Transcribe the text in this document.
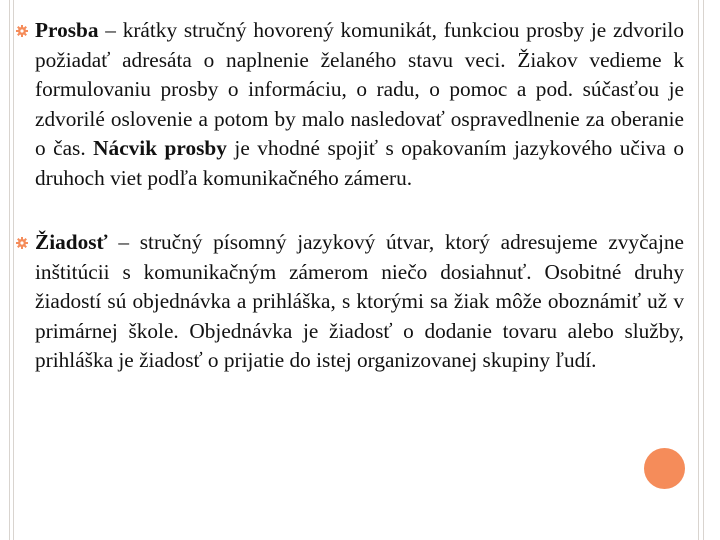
Prosba – krátky stručný hovorený komunikát, funkciou prosby je zdvorilo požiadať adresáta o naplnenie želaného stavu veci. Žiakov vedieme k formulovaniu prosby o informáciu, o radu, o pomoc a pod. súčasťou je zdvorilé oslovenie a potom by malo nasledovať ospravedlnenie za oberanie o čas. Nácvik prosby je vhodné spojiť s opakovaním jazykového učiva o druhoch viet podľa komunikačného zámeru.
Žiadosť – stručný písomný jazykový útvar, ktorý adresujeme zvyčajne inštitúcii s komunikačným zámerom niečo dosiahnuť. Osobitné druhy žiadostí sú objednávka a prihláška, s ktorými sa žiak môže oboznámiť už v primárnej škole. Objednávka je žiadosť o dodanie tovaru alebo služby, prihláška je žiadosť o prijatie do istej organizovanej skupiny ľudí.
